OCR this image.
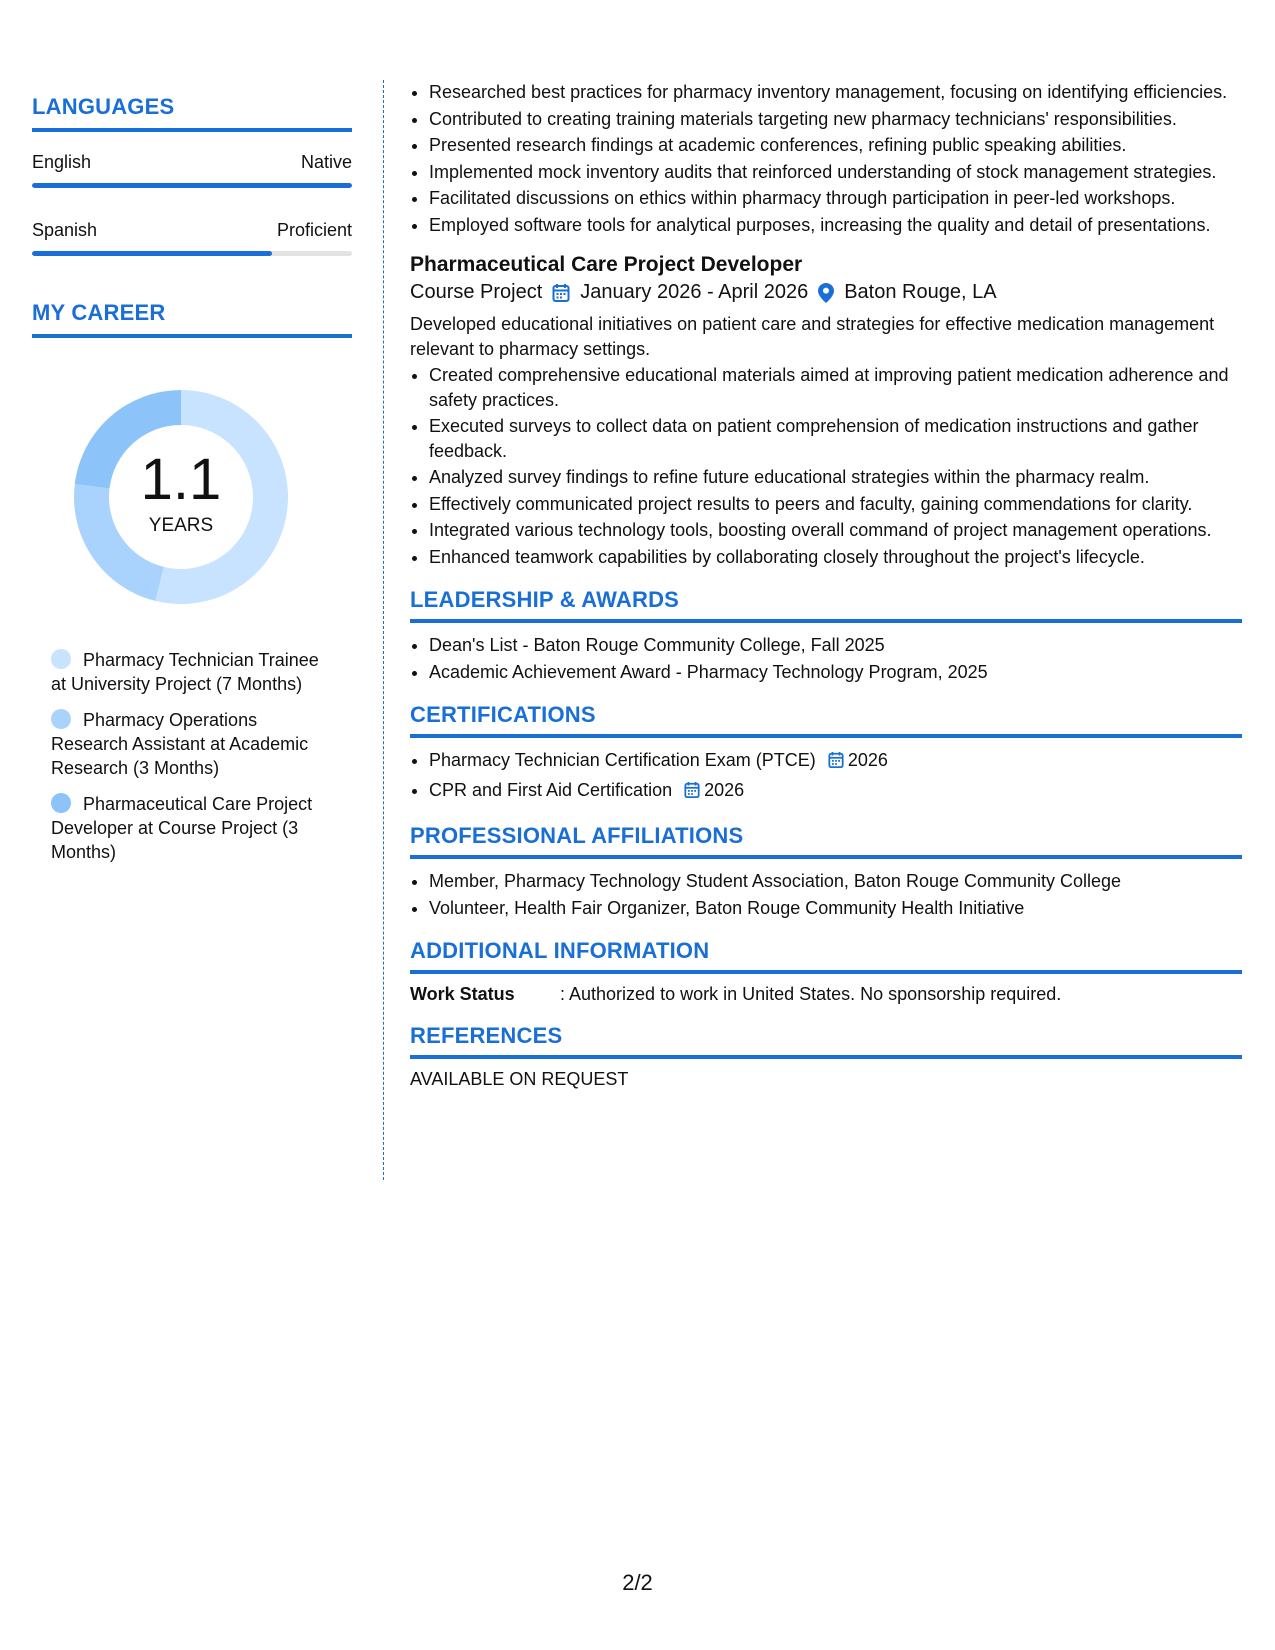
LANGUAGES
English	Native
Spanish	Proficient
MY CAREER
1.1
YEARS
Pharmacy Technician Trainee at University Project (7 Months)
Pharmacy Operations Research Assistant at Academic Research (3 Months)
Pharmaceutical Care Project Developer at Course Project (3 Months)
• Researched best practices for pharmacy inventory management, focusing on identifying efficiencies.
• Contributed to creating training materials targeting new pharmacy technicians' responsibilities.
• Presented research findings at academic conferences, refining public speaking abilities.
• Implemented mock inventory audits that reinforced understanding of stock management strategies.
• Facilitated discussions on ethics within pharmacy through participation in peer-led workshops.
• Employed software tools for analytical purposes, increasing the quality and detail of presentations.
Pharmaceutical Care Project Developer
Course Project January 2026 - April 2026 Baton Rouge, LA
Developed educational initiatives on patient care and strategies for effective medication management relevant to pharmacy settings.
• Created comprehensive educational materials aimed at improving patient medication adherence and safety practices.
• Executed surveys to collect data on patient comprehension of medication instructions and gather feedback.
• Analyzed survey findings to refine future educational strategies within the pharmacy realm.
• Effectively communicated project results to peers and faculty, gaining commendations for clarity.
• Integrated various technology tools, boosting overall command of project management operations.
• Enhanced teamwork capabilities by collaborating closely throughout the project's lifecycle.
LEADERSHIP & AWARDS
• Dean's List - Baton Rouge Community College, Fall 2025
• Academic Achievement Award - Pharmacy Technology Program, 2025
CERTIFICATIONS
• Pharmacy Technician Certification Exam (PTCE) 2026
• CPR and First Aid Certification 2026
PROFESSIONAL AFFILIATIONS
• Member, Pharmacy Technology Student Association, Baton Rouge Community College
• Volunteer, Health Fair Organizer, Baton Rouge Community Health Initiative
ADDITIONAL INFORMATION
Work Status	: Authorized to work in United States. No sponsorship required.
REFERENCES
AVAILABLE ON REQUEST
2/2
